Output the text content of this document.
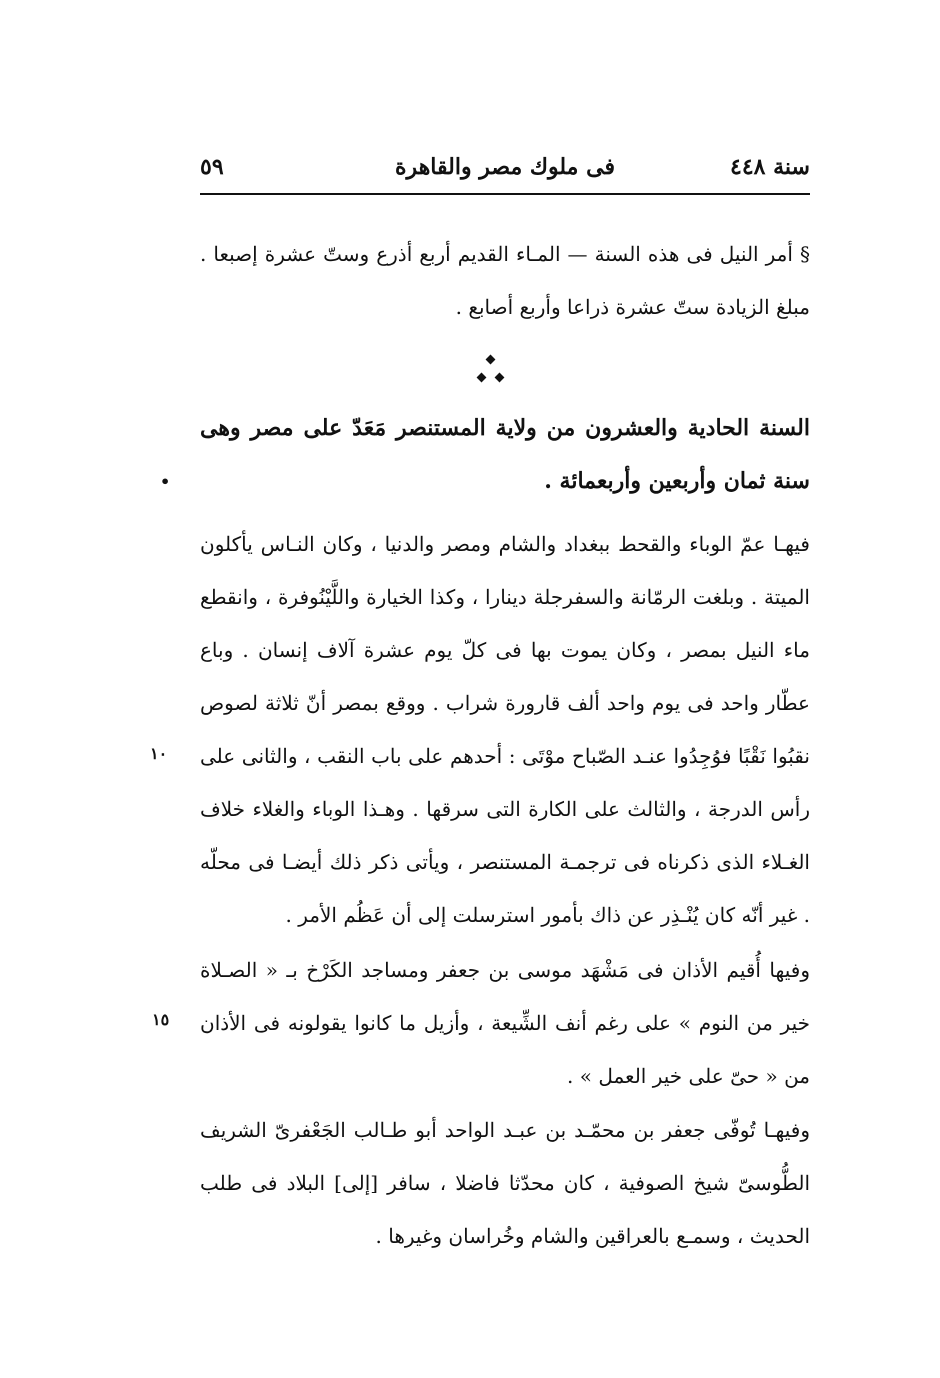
سنة ٤٤٨
فى ملوك مصر والقاهرة
٥٩

§ أمر النيل فى هذه السنة — المـاء القديم أربع أذرع وستّ عشرة إصبعا . مبلغ الزيادة ستّ عشرة ذراعا وأربع أصابع .

السنة الحادية والعشرون من ولاية المستنصر مَعَدّ على مصر وهى سنة ثمان وأربعين وأربعمائة .

فيهـا عمّ الوباء والقحط ببغداد والشام ومصر والدنيا ، وكان النـاس يأكلون الميتة . وبلغت الرمّانة والسفرجلة دينارا ، وكذا الخيارة واللَّيْنُوفرة ، وانقطع ماء النيل بمصر ، وكان يموت بها فى كلّ يوم عشرة آلاف إنسان . وباع عطّار واحد فى يوم واحد ألف قارورة شراب . ووقع بمصر أنّ ثلاثة لصوص نقبُوا نَقْبًا فوُجِدُوا عنـد الصّباح موْتَى : أحدهم على باب النقب ، والثانى على رأس الدرجة ، والثالث على الكارة التى سرقها . وهـذا الوباء والغلاء خلاف الغـلاء الذى ذكرناه فى ترجمـة المستنصر ، ويأتى ذكر ذلك أيضـا فى محلّه . غير أنّه كان يُنْـذِر عن ذاك بأمور استرسلت إلى أن عَظُم الأمر .

وفيها أُقيم الأذان فى مَشْهَد موسى بن جعفر ومساجد الكَرْخ بـ « الصـلاة خير من النوم » على رغم أنف الشِّيعة ، وأزيل ما كانوا يقولونه فى الأذان من « حىّ على خير العمل » .

وفيهـا تُوفّى جعفر بن محمّـد بن عبـد الواحد أبو طـالب الجَعْفرىّ الشريف الطُّوسىّ شيخ الصوفية ، كان محدّثا فاضلا ، سافر [إلى] البلاد فى طلب الحديث ، وسمـع بالعراقين والشام وخُراسان وغيرها .

•
١٠
١٥
